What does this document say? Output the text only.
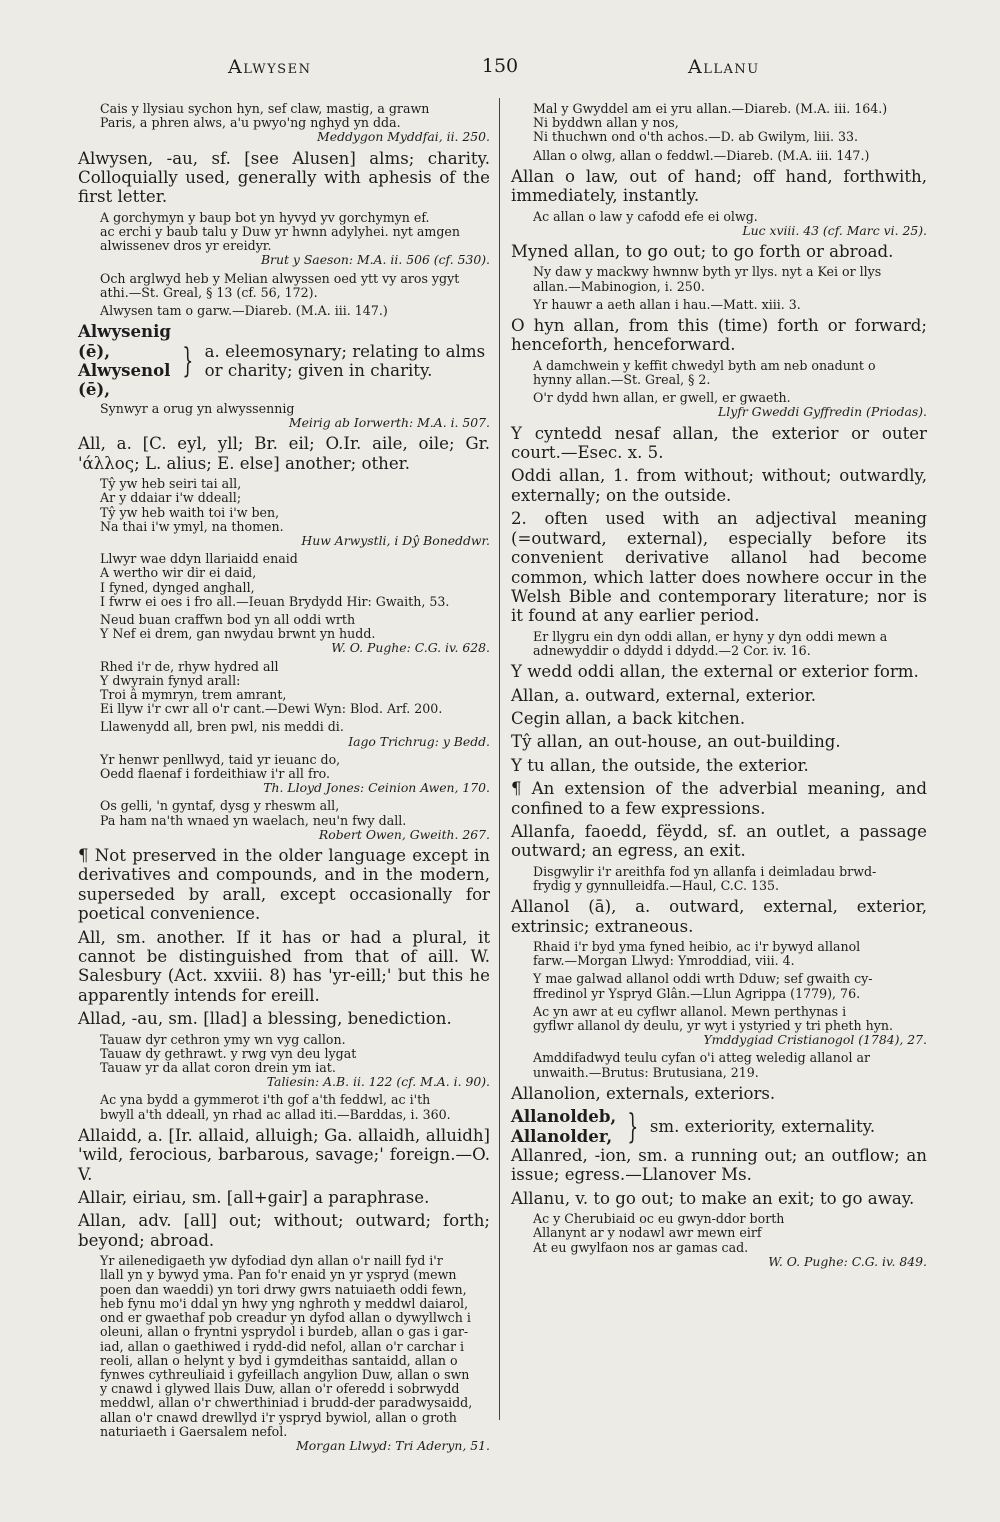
Alwysen	150	Allanu
Cais y llysiau sychon hyn, sef claw, mastig, a grawn
Paris, a phren alws, a'u pwyo'ng nghyd yn dda.
Meddygon Myddfai, ii. 250.
Alwysen, -au, sf. [see Alusen] alms; charity. Colloquially used, generally with aphesis of the first letter.
A gorchymyn y baup bot yn hyvyd yv gorchymyn ef.
ac erchi y baub talu y Duw yr hwnn adylyhei. nyt amgen
alwissenev dros yr ereidyr.
Brut y Saeson: M.A. ii. 506 (cf. 530).
Och arglwyd heb y Melian alwyssen oed ytt vy aros ygyt
athi.—St. Greal, § 13 (cf. 56, 172).
Alwysen tam o garw.—Diareb. (M.A. iii. 147.)
Alwysenig (ē),
Alwysenol (ē),
} a. eleemosynary; relating to alms or charity; given in charity.
Synwyr a orug yn alwyssennig
Meirig ab Iorwerth: M.A. i. 507.
All, a. [C. eyl, yll; Br. eil; O.Ir. aile, oile; Gr. 'άλλος; L. alius; E. else] another; other.
Tŷ yw heb seiri tai all,
Ar y ddaiar i'w ddeall;
Tŷ yw heb waith toi i'w ben,
Na thai i'w ymyl, na thomen.
Huw Arwystli, i Dŷ Boneddwr.
Llwyr wae ddyn llariaidd enaid
A wertho wir dir ei daid,
I fyned, dynged anghall,
I fwrw ei oes i fro all.—Ieuan Brydydd Hir: Gwaith, 53.
Neud buan craffwn bod yn all oddi wrth
Y Nef ei drem, gan nwydau brwnt yn hudd.
W. O. Pughe: C.G. iv. 628.
Rhed i'r de, rhyw hydred all
Y dwyrain fynyd arall:
Troi â mymryn, trem amrant,
Ei llyw i'r cwr all o'r cant.—Dewi Wyn: Blod. Arf. 200.
Llawenydd all, bren pwl, nis meddi di.
Iago Trichrug: y Bedd.
Yr henwr penllwyd, taid yr ieuanc do,
Oedd flaenaf i fordeithiaw i'r all fro.
Th. Lloyd Jones: Ceinion Awen, 170.
Os gelli, 'n gyntaf, dysg y rheswm all,
Pa ham na'th wnaed yn waelach, neu'n fwy dall.
Robert Owen, Gweith. 267.
¶ Not preserved in the older language except in derivatives and compounds, and in the modern, superseded by arall, except occasionally for poetical convenience.
All, sm. another. If it has or had a plural, it cannot be distinguished from that of aill. W. Salesbury (Act. xxviii. 8) has 'yr-eill;' but this he apparently intends for ereill.
Allad, -au, sm. [llad] a blessing, benediction.
Tauaw dyr cethron ymy wn vyg callon.
Tauaw dy gethrawt. y rwg vyn deu lygat
Tauaw yr da allat coron drein ym iat.
Taliesin: A.B. ii. 122 (cf. M.A. i. 90).
Ac yna bydd a gymmerot i'th gof a'th feddwl, ac i'th
bwyll a'th ddeall, yn rhad ac allad iti.—Barddas, i. 360.
Allaidd, a. [Ir. allaid, alluigh; Ga. allaidh, alluidh] 'wild, ferocious, barbarous, savage;' foreign.—O. V.
Allair, eiriau, sm. [all+gair] a paraphrase.
Allan, adv. [all] out; without; outward; forth; beyond; abroad.
Yr ailenedigaeth yw dyfodiad dyn allan o'r naill fyd i'r
llall yn y bywyd yma. Pan fo'r enaid yn yr yspryd (mewn
poen dan waeddi) yn tori drwy gwrs natuiaeth oddi fewn,
heb fynu mo'i ddal yn hwy yng nghroth y meddwl daiarol,
ond er gwaethaf pob creadur yn dyfod allan o dywyllwch i
oleuni, allan o fryntni ysprydol i burdeb, allan o gas i gar-
iad, allan o gaethiwed i rydd-did nefol, allan o'r carchar i
reoli, allan o helynt y byd i gymdeithas santaidd, allan o
fynwes cythreuliaid i gyfeillach angylion Duw, allan o swn
y cnawd i glywed llais Duw, allan o'r oferedd i sobrwydd
meddwl, allan o'r chwerthiniad i brudd-der paradwysaidd,
allan o'r cnawd drewllyd i'r yspryd bywiol, allan o groth
naturiaeth i Gaersalem nefol.
Morgan Llwyd: Tri Aderyn, 51.
Mal y Gwyddel am ei yru allan.—Diareb. (M.A. iii. 164.)
Ni byddwn allan y nos,
Ni thuchwn ond o'th achos.—D. ab Gwilym, liii. 33.
Allan o olwg, allan o feddwl.—Diareb. (M.A. iii. 147.)
Allan o law, out of hand; off hand, forthwith, immediately, instantly.
Ac allan o law y cafodd efe ei olwg.
Luc xviii. 43 (cf. Marc vi. 25).
Myned allan, to go out; to go forth or abroad.
Ny daw y mackwy hwnnw byth yr llys. nyt a Kei or llys
allan.—Mabinogion, i. 250.
Yr hauwr a aeth allan i hau.—Matt. xiii. 3.
O hyn allan, from this (time) forth or forward; henceforth, henceforward.
A damchwein y keffit chwedyl byth am neb onadunt o
hynny allan.—St. Greal, § 2.
O'r dydd hwn allan, er gwell, er gwaeth.
Llyfr Gweddi Gyffredin (Priodas).
Y cyntedd nesaf allan, the exterior or outer court.—Esec. x. 5.
Oddi allan, 1. from without; without; outwardly, externally; on the outside.
2. often used with an adjectival meaning (=outward, external), especially before its convenient derivative allanol had become common, which latter does nowhere occur in the Welsh Bible and contemporary literature; nor is it found at any earlier period.
Er llygru ein dyn oddi allan, er hyny y dyn oddi mewn a
adnewyddir o ddydd i ddydd.—2 Cor. iv. 16.
Y wedd oddi allan, the external or exterior form.
Allan, a. outward, external, exterior.
Cegin allan, a back kitchen.
Tŷ allan, an out-house, an out-building.
Y tu allan, the outside, the exterior.
¶ An extension of the adverbial meaning, and confined to a few expressions.
Allanfa, faoedd, fëydd, sf. an outlet, a passage outward; an egress, an exit.
Disgwylir i'r areithfa fod yn allanfa i deimladau brwd-
frydig y gynnulleidfa.—Haul, C.C. 135.
Allanol (ā), a. outward, external, exterior, extrinsic; extraneous.
Rhaid i'r byd yma fyned heibio, ac i'r bywyd allanol
farw.—Morgan Llwyd: Ymroddiad, viii. 4.
Y mae galwad allanol oddi wrth Dduw; sef gwaith cy-
ffredinol yr Yspryd Glân.—Llun Agrippa (1779), 76.
Ac yn awr at eu cyflwr allanol. Mewn perthynas i
gyflwr allanol dy deulu, yr wyt i ystyried y tri pheth hyn.
Ymddygiad Cristianogol (1784), 27.
Amddifadwyd teulu cyfan o'i atteg weledig allanol ar
unwaith.—Brutus: Brutusiana, 219.
Allanolion, externals, exteriors.
Allanoldeb,
Allanolder, } sm. exteriority, externality.
Allanred, -ion, sm. a running out; an outflow; an issue; egress.—Llanover Ms.
Allanu, v. to go out; to make an exit; to go away.
Ac y Cherubiaid oc eu gwyn-ddor borth
Allanynt ar y nodawl awr mewn eirf
At eu gwylfaon nos ar gamas cad.
W. O. Pughe: C.G. iv. 849.
